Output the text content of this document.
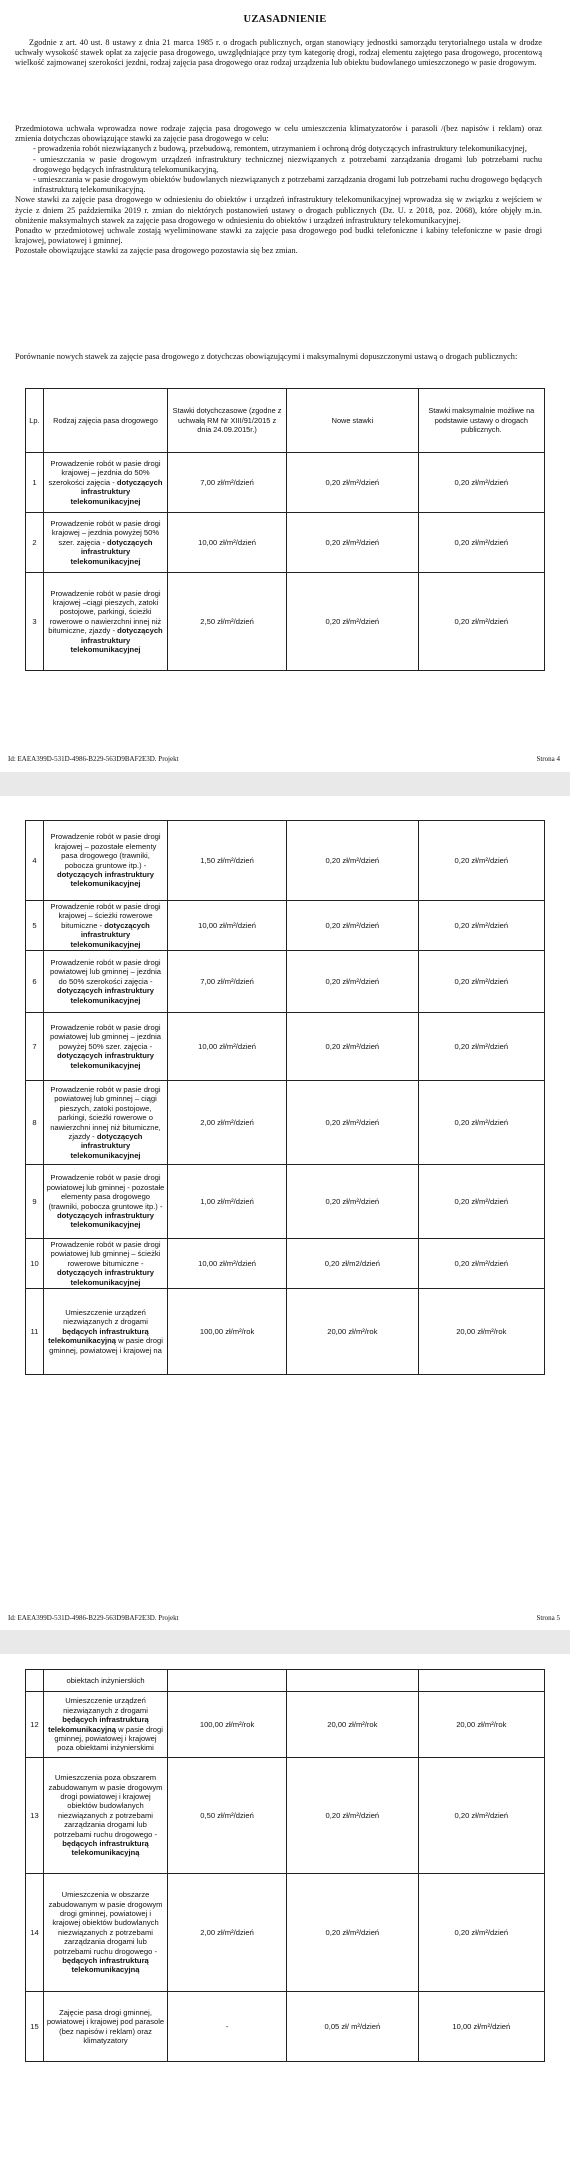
UZASADNIENIE

Zgodnie z art. 40 ust. 8 ustawy z dnia 21 marca 1985 r. o drogach publicznych, organ stanowiący jednostki samorządu terytorialnego ustala w drodze uchwały wysokość stawek opłat za zajęcie pasa drogowego, uwzględniające przy tym kategorię drogi, rodzaj elementu zajętego pasa drogowego, procentową wielkość zajmowanej szerokości jezdni, rodzaj zajęcia pasa drogowego oraz rodzaj urządzenia lub obiektu budowlanego umieszczonego w pasie drogowym.

Przedmiotowa uchwała wprowadza nowe rodzaje zajęcia pasa drogowego w celu umieszczenia klimatyzatorów i parasoli /(bez napisów i reklam) oraz zmienia dotychczas obowiązujące stawki za zajęcie pasa drogowego w celu:

- prowadzenia robót niezwiązanych z budową, przebudową, remontem, utrzymaniem i ochroną dróg dotyczących infrastruktury telekomunikacyjnej,

- umieszczania w pasie drogowym urządzeń infrastruktury technicznej niezwiązanych z potrzebami zarządzania drogami lub potrzebami ruchu drogowego będących infrastrukturą telekomunikacyjną,

- umieszczania w pasie drogowym obiektów budowlanych niezwiązanych z potrzebami zarządzania drogami lub potrzebami ruchu drogowego będących infrastrukturą telekomunikacyjną.

Nowe stawki za zajęcie pasa drogowego w odniesieniu do obiektów i urządzeń infrastruktury telekomunikacyjnej wprowadza się w związku z wejściem w życie z dniem 25 października 2019 r. zmian do niektórych postanowień ustawy o drogach publicznych (Dz. U. z 2018, poz. 2068), które objęły m.in. obniżenie maksymalnych stawek za zajęcie pasa drogowego w odniesieniu do obiektów i urządzeń infrastruktury telekomunikacyjnej.

Ponadto w przedmiotowej uchwale zostają wyeliminowane stawki za zajęcie pasa drogowego pod budki telefoniczne i kabiny telefoniczne w pasie drogi krajowej, powiatowej i gminnej.

Pozostałe obowiązujące stawki za zajęcie pasa drogowego pozostawia się bez zmian.

Porównanie nowych stawek za zajęcie pasa drogowego z dotychczas obowiązującymi i maksymalnymi dopuszczonymi ustawą o drogach publicznych:

Lp.	Rodzaj zajęcia pasa drogowego	Stawki dotychczasowe (zgodne z uchwałą RM Nr XIII/91/2015 z dnia 24.09.2015r.)	Nowe stawki	Stawki maksymalnie możliwe na podstawie ustawy o drogach publicznych.
1	Prowadzenie robót w pasie drogi krajowej – jezdnia do 50% szerokości zajęcia - dotyczących infrastruktury telekomunikacyjnej	7,00 zł/m²/dzień	0,20 zł/m²/dzień	0,20 zł/m²/dzień
2	Prowadzenie robót w pasie drogi krajowej – jezdnia powyżej 50% szer. zajęcia - dotyczących infrastruktury telekomunikacyjnej	10,00 zł/m²/dzień	0,20 zł/m²/dzień	0,20 zł/m²/dzień
3	Prowadzenie robót w pasie drogi krajowej –ciągi pieszych, zatoki postojowe, parkingi, ścieżki rowerowe o nawierzchni innej niż bitumiczne, zjazdy - dotyczących infrastruktury telekomunikacyjnej	2,50 zł/m²/dzień	0,20 zł/m²/dzień	0,20 zł/m²/dzień
Id: EAEA399D-531D-4986-B229-563D9BAF2E3D. Projekt	Strona 4
4	Prowadzenie robót w pasie drogi krajowej – pozostałe elementy pasa drogowego (trawniki, pobocza gruntowe itp.) - dotyczących infrastruktury telekomunikacyjnej	1,50 zł/m²/dzień	0,20 zł/m²/dzień	0,20 zł/m²/dzień
5	Prowadzenie robót w pasie drogi krajowej – ścieżki rowerowe bitumiczne - dotyczących infrastruktury telekomunikacyjnej	10,00 zł/m²/dzień	0,20 zł/m²/dzień	0,20 zł/m²/dzień
6	Prowadzenie robót w pasie drogi powiatowej lub gminnej – jezdnia do 50% szerokości zajęcia - dotyczących infrastruktury telekomunikacyjnej	7,00 zł/m²/dzień	0,20 zł/m²/dzień	0,20 zł/m²/dzień
7	Prowadzenie robót w pasie drogi powiatowej lub gminnej – jezdnia powyżej 50% szer. zajęcia - dotyczących infrastruktury telekomunikacyjnej	10,00 zł/m²/dzień	0,20 zł/m²/dzień	0,20 zł/m²/dzień
8	Prowadzenie robót w pasie drogi powiatowej lub gminnej – ciągi pieszych, zatoki postojowe, parkingi, ścieżki rowerowe o nawierzchni innej niż bitumiczne, zjazdy - dotyczących infrastruktury telekomunikacyjnej	2,00 zł/m²/dzień	0,20 zł/m²/dzień	0,20 zł/m²/dzień
9	Prowadzenie robót w pasie drogi powiatowej lub gminnej - pozostałe elementy pasa drogowego (trawniki, pobocza gruntowe itp.) - dotyczących infrastruktury telekomunikacyjnej	1,00 zł/m²/dzień	0,20 zł/m²/dzień	0,20 zł/m²/dzień
10	Prowadzenie robót w pasie drogi powiatowej lub gminnej – ścieżki rowerowe bitumiczne - dotyczących infrastruktury telekomunikacyjnej	10,00 zł/m²/dzień	0,20 zł/m2/dzień	0,20 zł/m²/dzień
11	Umieszczenie urządzeń niezwiązanych z drogami będących infrastrukturą telekomunikacyjną w pasie drogi gminnej, powiatowej i krajowej na	100,00 zł/m²/rok	20,00 zł/m²/rok	20,00 zł/m²/rok
Id: EAEA399D-531D-4986-B229-563D9BAF2E3D. Projekt	Strona 5
	obiektach inżynierskich			
12	Umieszczenie urządzeń niezwiązanych z drogami będących infrastrukturą telekomunikacyjną w pasie drogi gminnej, powiatowej i krajowej poza obiektami inżynierskimi	100,00 zł/m²/rok	20,00 zł/m²/rok	20,00 zł/m²/rok
13	Umieszczenia poza obszarem zabudowanym w pasie drogowym drogi powiatowej i krajowej obiektów budowlanych niezwiązanych z potrzebami zarządzania drogami lub potrzebami ruchu drogowego - będących infrastrukturą telekomunikacyjną	0,50 zł/m²/dzień	0,20 zł/m²/dzień	0,20 zł/m²/dzień
14	Umieszczenia w obszarze zabudowanym w pasie drogowym drogi gminnej, powiatowej i krajowej obiektów budowlanych niezwiązanych z potrzebami zarządzania drogami lub potrzebami ruchu drogowego - będących infrastrukturą telekomunikacyjną	2,00 zł/m²/dzień	0,20 zł/m²/dzień	0,20 zł/m²/dzień
15	Zajęcie pasa drogi gminnej, powiatowej i krajowej pod parasole (bez napisów i reklam) oraz klimatyzatory	-	0,05 zł/ m²/dzień	10,00 zł/m²/dzień
